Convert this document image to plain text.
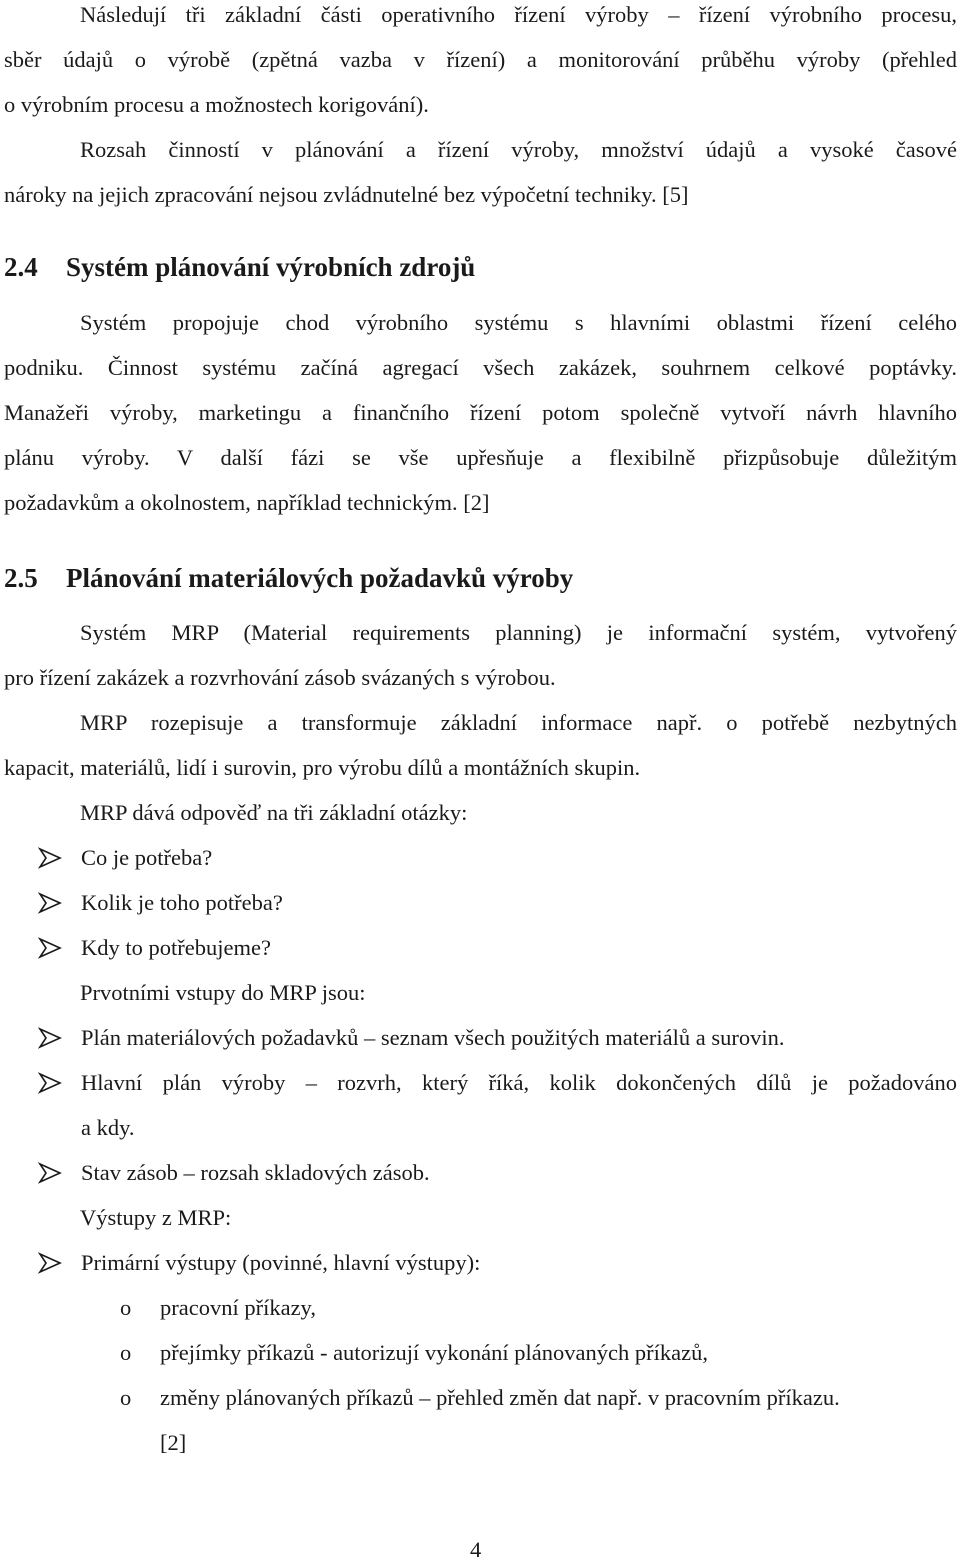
Následují tři základní části operativního řízení výroby – řízení výrobního procesu,
sběr údajů o výrobě (zpětná vazba v řízení) a monitorování průběhu výroby (přehled
o výrobním procesu a možnostech korigování).
Rozsah činností v plánování a řízení výroby, množství údajů a vysoké časové
nároky na jejich zpracování nejsou zvládnutelné bez výpočetní techniky. [5]
2.4 Systém plánování výrobních zdrojů
Systém propojuje chod výrobního systému s hlavními oblastmi řízení celého
podniku. Činnost systému začíná agregací všech zakázek, souhrnem celkové poptávky.
Manažeři výroby, marketingu a finančního řízení potom společně vytvoří návrh hlavního
plánu výroby. V další fázi se vše upřesňuje a flexibilně přizpůsobuje důležitým
požadavkům a okolnostem, například technickým. [2]
2.5 Plánování materiálových požadavků výroby
Systém MRP (Material requirements planning) je informační systém, vytvořený
pro řízení zakázek a rozvrhování zásob svázaných s výrobou.
MRP rozepisuje a transformuje základní informace např. o potřebě nezbytných
kapacit, materiálů, lidí i surovin, pro výrobu dílů a montážních skupin.
MRP dává odpověď na tři základní otázky:
Co je potřeba?
Kolik je toho potřeba?
Kdy to potřebujeme?
Prvotními vstupy do MRP jsou:
Plán materiálových požadavků – seznam všech použitých materiálů a surovin.
Hlavní plán výroby – rozvrh, který říká, kolik dokončených dílů je požadováno
a kdy.
Stav zásob – rozsah skladových zásob.
Výstupy z MRP:
Primární výstupy (povinné, hlavní výstupy):
o pracovní příkazy,
o přejímky příkazů - autorizují vykonání plánovaných příkazů,
o změny plánovaných příkazů – přehled změn dat např. v pracovním příkazu.
[2]
4
